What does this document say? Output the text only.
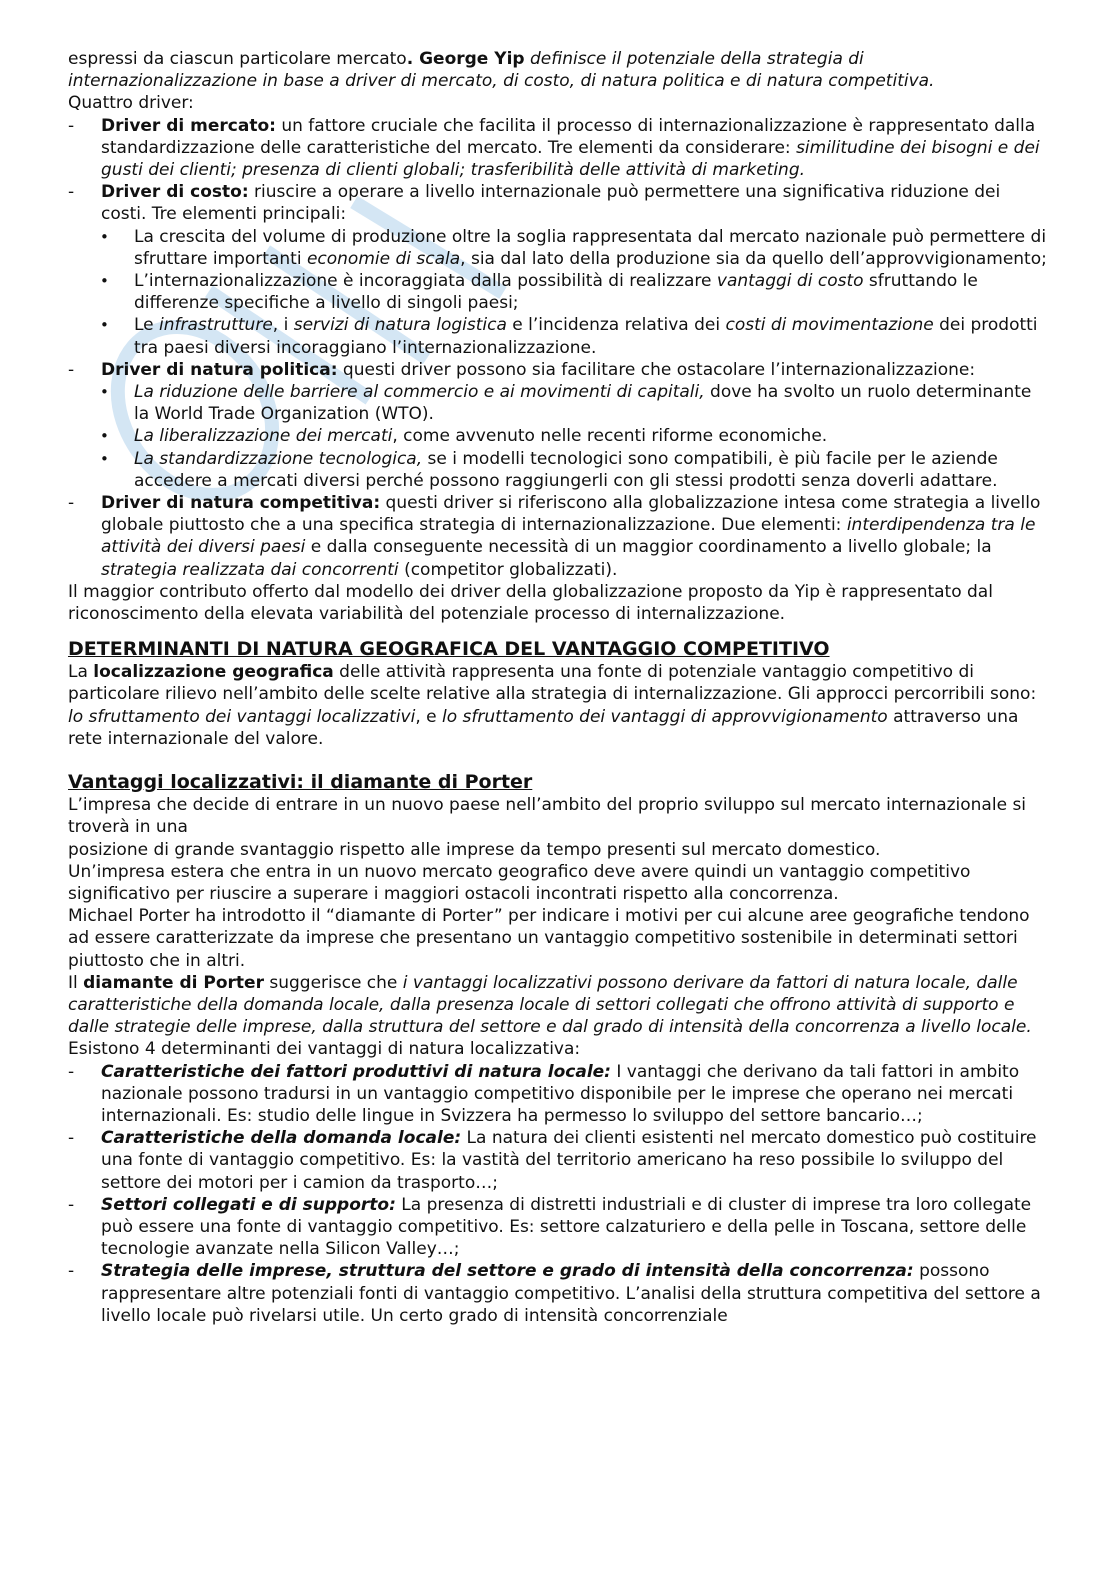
espressi da ciascun particolare mercato. George Yip definisce il potenziale della strategia di internazionalizzazione in base a driver di mercato, di costo, di natura politica e di natura competitiva.
Quattro driver:

- Driver di mercato: un fattore cruciale che facilita il processo di internazionalizzazione è rappresentato dalla standardizzazione delle caratteristiche del mercato. Tre elementi da considerare: similitudine dei bisogni e dei gusti dei clienti; presenza di clienti globali; trasferibilità delle attività di marketing.
- Driver di costo: riuscire a operare a livello internazionale può permettere una significativa riduzione dei costi. Tre elementi principali:
• La crescita del volume di produzione oltre la soglia rappresentata dal mercato nazionale può permettere di sfruttare importanti economie di scala, sia dal lato della produzione sia da quello dell’approvvigionamento;
• L’internazionalizzazione è incoraggiata dalla possibilità di realizzare vantaggi di costo sfruttando le differenze specifiche a livello di singoli paesi;
• Le infrastrutture, i servizi di natura logistica e l’incidenza relativa dei costi di movimentazione dei prodotti tra paesi diversi incoraggiano l’internazionalizzazione.
- Driver di natura politica: questi driver possono sia facilitare che ostacolare l’internazionalizzazione:
• La riduzione delle barriere al commercio e ai movimenti di capitali, dove ha svolto un ruolo determinante la World Trade Organization (WTO).
• La liberalizzazione dei mercati, come avvenuto nelle recenti riforme economiche.
• La standardizzazione tecnologica, se i modelli tecnologici sono compatibili, è più facile per le aziende accedere a mercati diversi perché possono raggiungerli con gli stessi prodotti senza doverli adattare.
- Driver di natura competitiva: questi driver si riferiscono alla globalizzazione intesa come strategia a livello globale piuttosto che a una specifica strategia di internazionalizzazione. Due elementi: interdipendenza tra le attività dei diversi paesi e dalla conseguente necessità di un maggior coordinamento a livello globale; la strategia realizzata dai concorrenti (competitor globalizzati).

Il maggior contributo offerto dal modello dei driver della globalizzazione proposto da Yip è rappresentato dal riconoscimento della elevata variabilità del potenziale processo di internalizzazione.

DETERMINANTI DI NATURA GEOGRAFICA DEL VANTAGGIO COMPETITIVO

La localizzazione geografica delle attività rappresenta una fonte di potenziale vantaggio competitivo di particolare rilievo nell’ambito delle scelte relative alla strategia di internalizzazione. Gli approcci percorribili sono: lo sfruttamento dei vantaggi localizzativi, e lo sfruttamento dei vantaggi di approvvigionamento attraverso una rete internazionale del valore.

Vantaggi localizzativi: il diamante di Porter

L’impresa che decide di entrare in un nuovo paese nell’ambito del proprio sviluppo sul mercato internazionale si troverà in una

posizione di grande svantaggio rispetto alle imprese da tempo presenti sul mercato domestico.

Un’impresa estera che entra in un nuovo mercato geografico deve avere quindi un vantaggio competitivo significativo per riuscire a superare i maggiori ostacoli incontrati rispetto alla concorrenza.

Michael Porter ha introdotto il “diamante di Porter” per indicare i motivi per cui alcune aree geografiche tendono ad essere caratterizzate da imprese che presentano un vantaggio competitivo sostenibile in determinati settori piuttosto che in altri.

Il diamante di Porter suggerisce che i vantaggi localizzativi possono derivare da fattori di natura locale, dalle caratteristiche della domanda locale, dalla presenza locale di settori collegati che offrono attività di supporto e dalle strategie delle imprese, dalla struttura del settore e dal grado di intensità della concorrenza a livello locale.

Esistono 4 determinanti dei vantaggi di natura localizzativa:

- Caratteristiche dei fattori produttivi di natura locale: I vantaggi che derivano da tali fattori in ambito nazionale possono tradursi in un vantaggio competitivo disponibile per le imprese che operano nei mercati internazionali. Es: studio delle lingue in Svizzera ha permesso lo sviluppo del settore bancario…;
- Caratteristiche della domanda locale: La natura dei clienti esistenti nel mercato domestico può costituire una fonte di vantaggio competitivo. Es: la vastità del territorio americano ha reso possibile lo sviluppo del settore dei motori per i camion da trasporto…;
- Settori collegati e di supporto: La presenza di distretti industriali e di cluster di imprese tra loro collegate può essere una fonte di vantaggio competitivo. Es: settore calzaturiero e della pelle in Toscana, settore delle tecnologie avanzate nella Silicon Valley…;
- Strategia delle imprese, struttura del settore e grado di intensità della concorrenza: possono rappresentare altre potenziali fonti di vantaggio competitivo. L’analisi della struttura competitiva del settore a livello locale può rivelarsi utile. Un certo grado di intensità concorrenziale
